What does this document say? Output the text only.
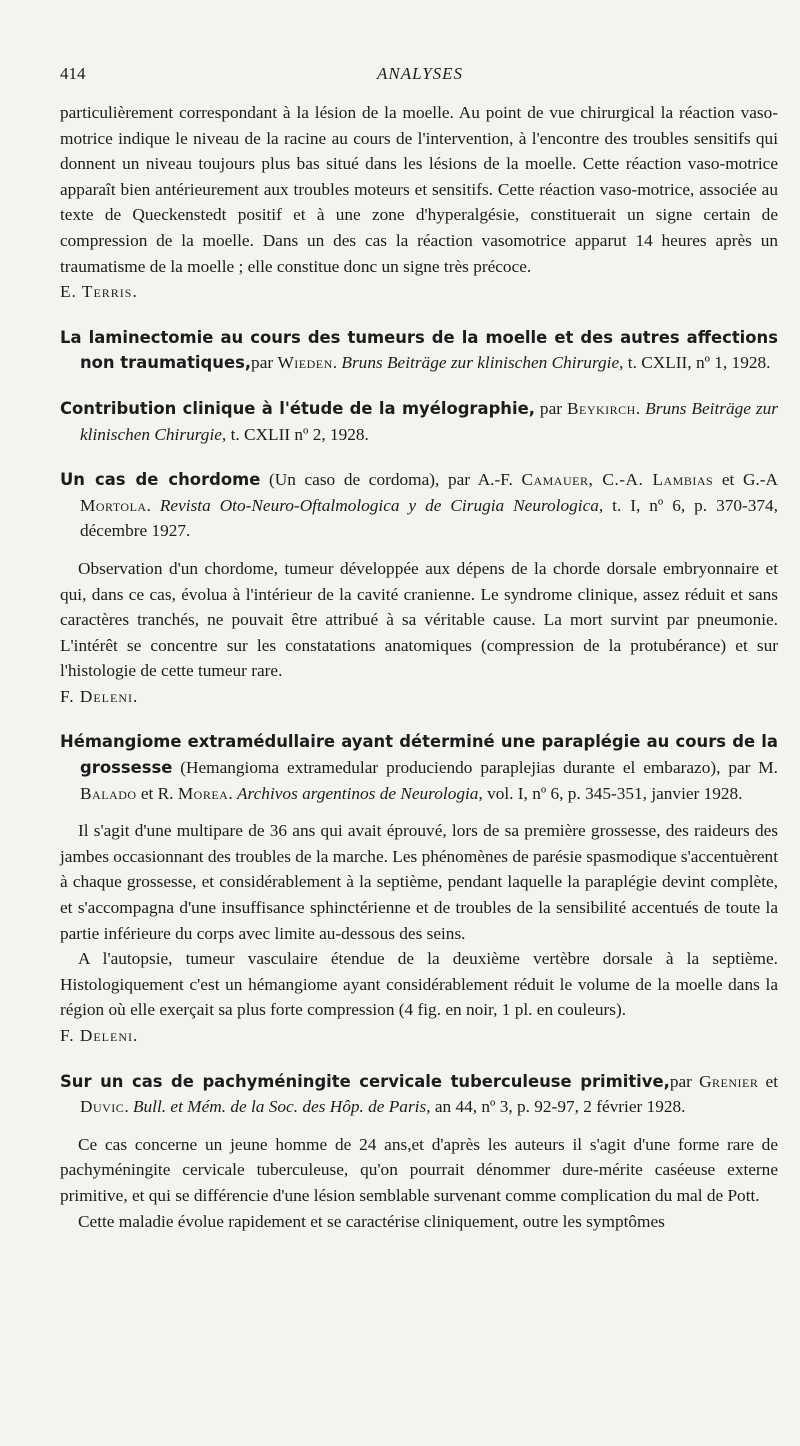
414	ANALYSES

particulièrement correspondant à la lésion de la moelle. Au point de vue chirurgical la réaction vaso-motrice indique le niveau de la racine au cours de l'intervention, à l'encontre des troubles sensitifs qui donnent un niveau toujours plus bas situé dans les lésions de la moelle. Cette réaction vaso-motrice apparaît bien antérieurement aux troubles moteurs et sensitifs. Cette réaction vaso-motrice, associée au texte de Queckenstedt positif et à une zone d'hyperalgésie, constituerait un signe certain de compression de la moelle. Dans un des cas la réaction vasomotrice apparut 14 heures après un traumatisme de la moelle ; elle constitue donc un signe très précoce.

E. Terris.

La laminectomie au cours des tumeurs de la moelle et des autres affections non traumatiques,par Wieden. Bruns Beiträge zur klinischen Chirurgie, t. CXLII, nº 1, 1928.

Contribution clinique à l'étude de la myélographie, par Beykirch. Bruns Beiträge zur klinischen Chirurgie, t. CXLII nº 2, 1928.

Un cas de chordome (Un caso de cordoma), par A.-F. Camauer, C.-A. Lambias et G.-A Mortola. Revista Oto-Neuro-Oftalmologica y de Cirugia Neurologica, t. I, nº 6, p. 370-374, décembre 1927.

Observation d'un chordome, tumeur développée aux dépens de la chorde dorsale embryonnaire et qui, dans ce cas, évolua à l'intérieur de la cavité cranienne. Le syndrome clinique, assez réduit et sans caractères tranchés, ne pouvait être attribué à sa véritable cause. La mort survint par pneumonie. L'intérêt se concentre sur les constatations anatomiques (compression de la protubérance) et sur l'histologie de cette tumeur rare.

F. Deleni.

Hémangiome extramédullaire ayant déterminé une paraplégie au cours de la grossesse (Hemangioma extramedular produciendo paraplejias durante el embarazo), par M. Balado et R. Morea. Archivos argentinos de Neurologia, vol. I, nº 6, p. 345-351, janvier 1928.

Il s'agit d'une multipare de 36 ans qui avait éprouvé, lors de sa première grossesse, des raideurs des jambes occasionnant des troubles de la marche. Les phénomènes de parésie spasmodique s'accentuèrent à chaque grossesse, et considérablement à la septième, pendant laquelle la paraplégie devint complète, et s'accompagna d'une insuffisance sphinctérienne et de troubles de la sensibilité accentués de toute la partie inférieure du corps avec limite au-dessous des seins.

A l'autopsie, tumeur vasculaire étendue de la deuxième vertèbre dorsale à la septième. Histologiquement c'est un hémangiome ayant considérablement réduit le volume de la moelle dans la région où elle exerçait sa plus forte compression (4 fig. en noir, 1 pl. en couleurs).

F. Deleni.

Sur un cas de pachyméningite cervicale tuberculeuse primitive,par Grenier et Duvic. Bull. et Mém. de la Soc. des Hôp. de Paris, an 44, nº 3, p. 92-97, 2 février 1928.

Ce cas concerne un jeune homme de 24 ans,et d'après les auteurs il s'agit d'une forme rare de pachyméningite cervicale tuberculeuse, qu'on pourrait dénommer dure-mérite caséeuse externe primitive, et qui se différencie d'une lésion semblable survenant comme complication du mal de Pott.

Cette maladie évolue rapidement et se caractérise cliniquement, outre les symptômes
